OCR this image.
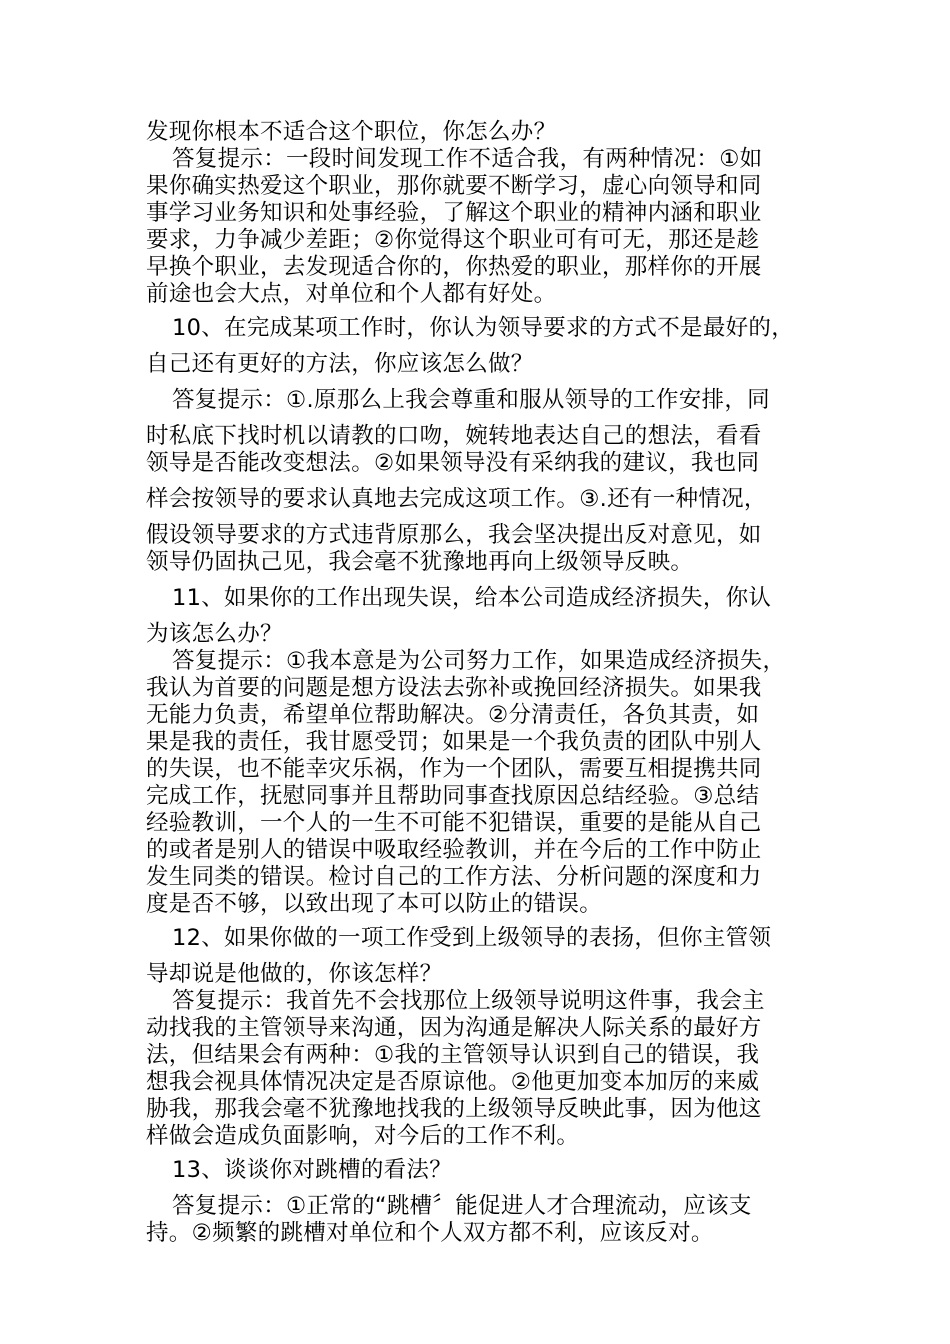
发现你根本不适合这个职位，你怎么办？

答复提示：一段时间发现工作不适合我，有两种情况：①如

果你确实热爱这个职业，那你就要不断学习，虚心向领导和同

事学习业务知识和处事经验，了解这个职业的精神内涵和职业

要求，力争减少差距；②你觉得这个职业可有可无，那还是趁

早换个职业，去发现适合你的，你热爱的职业，那样你的开展

前途也会大点，对单位和个人都有好处。

10、在完成某项工作时，你认为领导要求的方式不是最好的，

自己还有更好的方法，你应该怎么做？

答复提示：①.原那么上我会尊重和服从领导的工作安排，同

时私底下找时机以请教的口吻，婉转地表达自己的想法，看看

领导是否能改变想法。②如果领导没有采纳我的建议，我也同

样会按领导的要求认真地去完成这项工作。③.还有一种情况，

假设领导要求的方式违背原那么，我会坚决提出反对意见，如

领导仍固执己见，我会毫不犹豫地再向上级领导反映。

11、如果你的工作出现失误，给本公司造成经济损失，你认

为该怎么办？

答复提示：①我本意是为公司努力工作，如果造成经济损失，

我认为首要的问题是想方设法去弥补或挽回经济损失。如果我

无能力负责，希望单位帮助解决。②分清责任，各负其责，如

果是我的责任，我甘愿受罚；如果是一个我负责的团队中别人

的失误，也不能幸灾乐祸，作为一个团队，需要互相提携共同

完成工作，抚慰同事并且帮助同事查找原因总结经验。③总结

经验教训，一个人的一生不可能不犯错误，重要的是能从自己

的或者是别人的错误中吸取经验教训，并在今后的工作中防止

发生同类的错误。检讨自己的工作方法、分析问题的深度和力

度是否不够，以致出现了本可以防止的错误。

12、如果你做的一项工作受到上级领导的表扬，但你主管领

导却说是他做的，你该怎样？

答复提示：我首先不会找那位上级领导说明这件事，我会主

动找我的主管领导来沟通，因为沟通是解决人际关系的最好方

法，但结果会有两种：①我的主管领导认识到自己的错误，我

想我会视具体情况决定是否原谅他。②他更加变本加厉的来威

胁我，那我会毫不犹豫地找我的上级领导反映此事，因为他这

样做会造成负面影响，对今后的工作不利。

13、谈谈你对跳槽的看法？

答复提示：①正常的“跳槽〞能促进人才合理流动，应该支

持。②频繁的跳槽对单位和个人双方都不利，应该反对。
